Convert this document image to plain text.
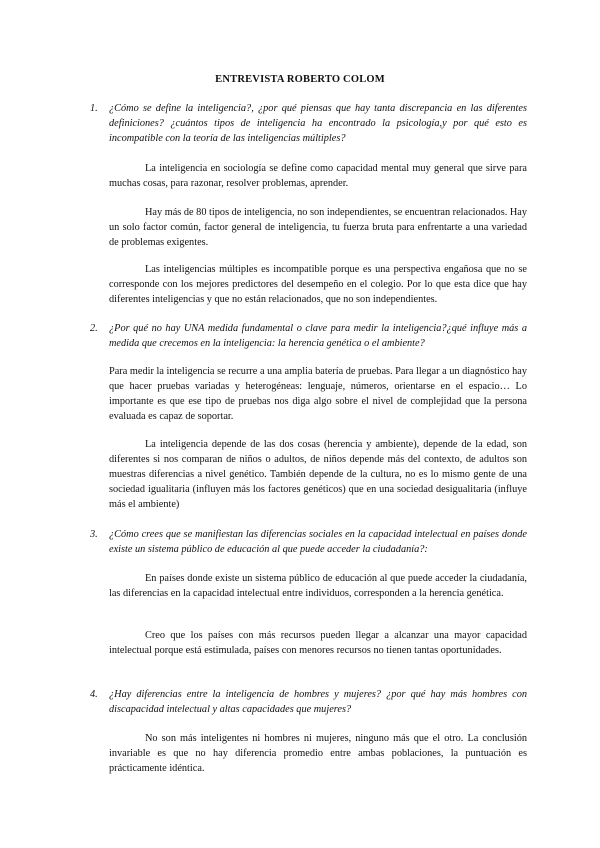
ENTREVISTA ROBERTO COLOM
1. ¿Cómo se define la inteligencia?, ¿por qué piensas que hay tanta discrepancia en las diferentes definiciones? ¿cuántos tipos de inteligencia ha encontrado la psicología,y por qué esto es incompatible con la teoría de las inteligencias múltiples?
La inteligencia en sociología se define como capacidad mental muy general que sirve para muchas cosas, para razonar, resolver problemas, aprender.
Hay más de 80 tipos de inteligencia, no son independientes, se encuentran relacionados. Hay un solo factor común, factor general de inteligencia, tu fuerza bruta para enfrentarte a una variedad de problemas exigentes.
Las inteligencias múltiples es incompatible porque es una perspectiva engañosa que no se corresponde con los mejores predictores del desempeño en el colegio. Por lo que esta dice que hay diferentes inteligencias y que no están relacionados, que no son independientes.
2. ¿Por qué no hay UNA medida fundamental o clave para medir la inteligencia?¿qué influye más a medida que crecemos en la inteligencia: la herencia genética o el ambiente?
Para medir la inteligencia se recurre a una amplia batería de pruebas. Para llegar a un diagnóstico hay que hacer pruebas variadas y heterogéneas: lenguaje, números, orientarse en el espacio… Lo importante es que ese tipo de pruebas nos diga algo sobre el nivel de complejidad que la persona evaluada es capaz de soportar.
La inteligencia depende de las dos cosas (herencia y ambiente), depende de la edad, son diferentes si nos comparan de niños o adultos, de niños depende más del contexto, de adultos son muestras diferencias a nivel genético. También depende de la cultura, no es lo mismo gente de una sociedad igualitaria (influyen más los factores genéticos) que en una sociedad desigualitaria (influye más el ambiente)
3. ¿Cómo crees que se manifiestan las diferencias sociales en la capacidad intelectual en países donde existe un sistema público de educación al que puede acceder la ciudadanía?:
En países donde existe un sistema público de educación al que puede acceder la ciudadanía, las diferencias en la capacidad intelectual entre individuos, corresponden a la herencia genética.
Creo que los países con más recursos pueden llegar a alcanzar una mayor capacidad intelectual porque está estimulada, países con menores recursos no tienen tantas oportunidades.
4. ¿Hay diferencias entre la inteligencia de hombres y mujeres? ¿por qué hay más hombres con discapacidad intelectual y altas capacidades que mujeres?
No son más inteligentes ni hombres ni mujeres, ninguno más que el otro. La conclusión invariable es que no hay diferencia promedio entre ambas poblaciones, la puntuación es prácticamente idéntica.
